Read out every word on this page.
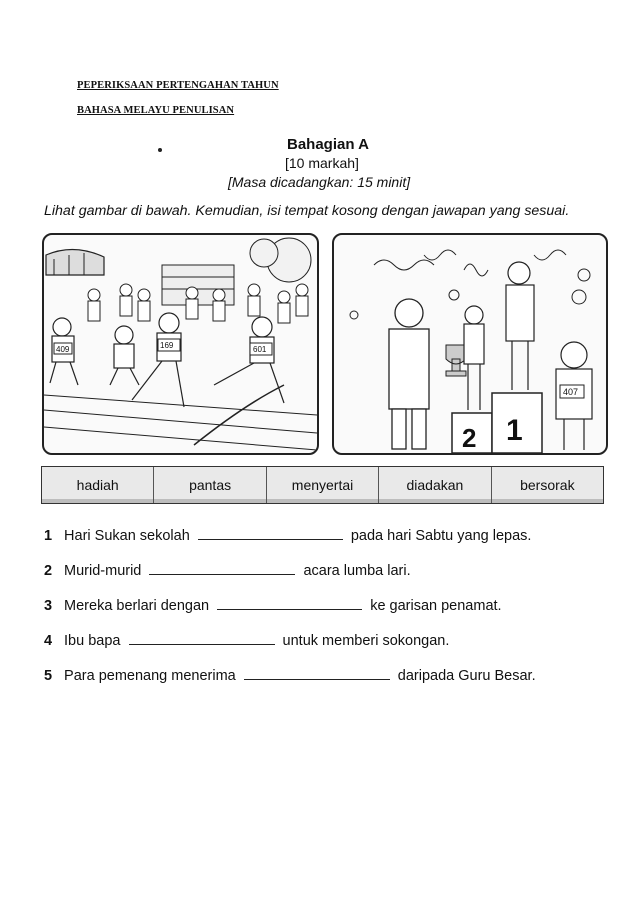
PEPERIKSAAN PERTENGAHAN TAHUN
BAHASA MELAYU PENULISAN
Bahagian A
[10 markah]
[Masa dicadangkan: 15 minit]
Lihat gambar di bawah. Kemudian, isi tempat kosong dengan jawapan yang sesuai.
409	169	601
2 1
407
hadiah	pantas	menyertai	diadakan	bersorak
1 Hari Sukan sekolah	pada hari Sabtu yang lepas.
2 Murid-murid	acara lumba lari.
3 Mereka berlari dengan	ke garisan penamat.
4 Ibu bapa	untuk memberi sokongan.
5 Para pemenang menerima	daripada Guru Besar.
